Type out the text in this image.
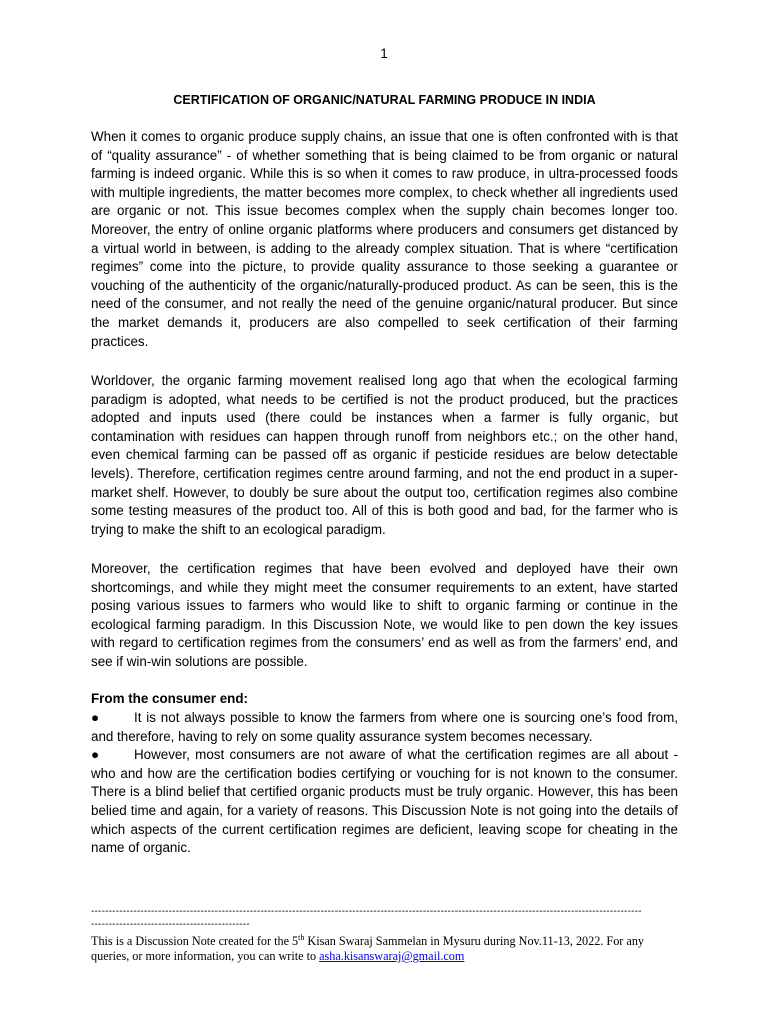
1
CERTIFICATION OF ORGANIC/NATURAL FARMING PRODUCE IN INDIA

When it comes to organic produce supply chains, an issue that one is often confronted with is that of “quality assurance” - of whether something that is being claimed to be from organic or natural farming is indeed organic. While this is so when it comes to raw produce, in ultra-processed foods with multiple ingredients, the matter becomes more complex, to check whether all ingredients used are organic or not. This issue becomes complex when the supply chain becomes longer too. Moreover, the entry of online organic platforms where producers and consumers get distanced by a virtual world in between, is adding to the already complex situation. That is where “certification regimes” come into the picture, to provide quality assurance to those seeking a guarantee or vouching of the authenticity of the organic/naturally-produced product. As can be seen, this is the need of the consumer, and not really the need of the genuine organic/natural producer. But since the market demands it, producers are also compelled to seek certification of their farming practices.

Worldover, the organic farming movement realised long ago that when the ecological farming paradigm is adopted, what needs to be certified is not the product produced, but the practices adopted and inputs used (there could be instances when a farmer is fully organic, but contamination with residues can happen through runoff from neighbors etc.; on the other hand, even chemical farming can be passed off as organic if pesticide residues are below detectable levels). Therefore, certification regimes centre around farming, and not the end product in a super-market shelf. However, to doubly be sure about the output too, certification regimes also combine some testing measures of the product too. All of this is both good and bad, for the farmer who is trying to make the shift to an ecological paradigm.

Moreover, the certification regimes that have been evolved and deployed have their own shortcomings, and while they might meet the consumer requirements to an extent, have started posing various issues to farmers who would like to shift to organic farming or continue in the ecological farming paradigm. In this Discussion Note, we would like to pen down the key issues with regard to certification regimes from the consumers’ end as well as from the farmers’ end, and see if win-win solutions are possible.

From the consumer end:

●	It is not always possible to know the farmers from where one is sourcing one’s food from, and therefore, having to rely on some quality assurance system becomes necessary.

●	However, most consumers are not aware of what the certification regimes are all about - who and how are the certification bodies certifying or vouching for is not known to the consumer. There is a blind belief that certified organic products must be truly organic. However, this has been belied time and again, for a variety of reasons. This Discussion Note is not going into the details of which aspects of the current certification regimes are deficient, leaving scope for cheating in the name of organic.

------------------------------------------------------------------------------------------------------------------------------------------------------------
---------------------------------------------

This is a Discussion Note created for the 5th Kisan Swaraj Sammelan in Mysuru during Nov.11-13, 2022. For any queries, or more information, you can write to asha.kisanswaraj@gmail.com
